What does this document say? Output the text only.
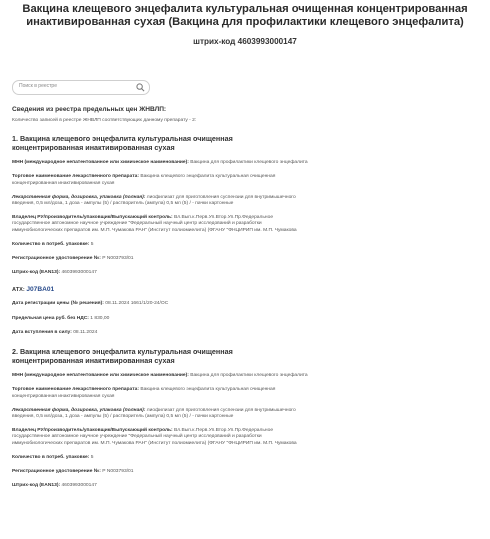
Вакцина клещевого энцефалита культуральная очищенная концентрированная инактивированная сухая (Вакцина для профилактики клещевого энцефалита)
штрих-код 4603993000147
Поиск в реестре
Сведения из реестра предельных цен ЖНВЛП:
Количество записей в реестре ЖНВЛП соответствующих данному препарату - 2:
1. Вакцина клещевого энцефалита культуральная очищенная концентрированная инактивированная сухая
МНН (международное непатентованное или химическое наименование): Вакцина для профилактики клещевого энцефалита
Торговое наименование лекарственного препарата: Вакцина клещевого энцефалита культуральная очищенная концентрированная инактивированная сухая
Лекарственная форма, дозировка, упаковка (полная): лиофилизат для приготовления суспензии для внутримышечного введения, 0,5 мл/доза, 1 доза - ампулы (5) / растворитель (ампула) 0,5 мл (5) / - пачки картонные
Владелец РУ/производитель/упаковщик/Выпускающий контроль: Вл.Вып.к.Перв.Уп.Втор.Уп.Пр.Федеральное государственное автономное научное учреждение "Федеральный научный центр исследований и разработки иммунобиологических препаратов им. М.П. Чумакова РАН" (Институт полиомиелита) (ФГАНУ "ФНЦИРИП им. М.П. Чумакова
Количество в потреб. упаковке: 5
Регистрационное удостоверение №: Р N003793/01
Штрих-код (EAN13): 4603993000147
АТХ: J07BA01
Дата регистрации цены (№ решения): 08.11.2024 1661/1/20-24/ОС
Предельная цена руб. без НДС: 1 830,00
Дата вступления в силу: 08.11.2024
2. Вакцина клещевого энцефалита культуральная очищенная концентрированная инактивированная сухая
МНН (международное непатентованное или химическое наименование): Вакцина для профилактики клещевого энцефалита
Торговое наименование лекарственного препарата: Вакцина клещевого энцефалита культуральная очищенная концентрированная инактивированная сухая
Лекарственная форма, дозировка, упаковка (полная): лиофилизат для приготовления суспензии для внутримышечного введения, 0,5 мл/доза, 1 доза - ампулы (5) / растворитель (ампула) 0,5 мл (5) / - пачки картонные
Владелец РУ/производитель/упаковщик/Выпускающий контроль: Вл.Вып.к.Перв.Уп.Втор.Уп.Пр.Федеральное государственное автономное научное учреждение "Федеральный научный центр исследований и разработки иммунобиологических препаратов им. М.П. Чумакова РАН" (Институт полиомиелита) (ФГАНУ "ФНЦИРИП им. М.П. Чумакова
Количество в потреб. упаковке: 5
Регистрационное удостоверение №: Р N003793/01
Штрих-код (EAN13): 4603993000147
